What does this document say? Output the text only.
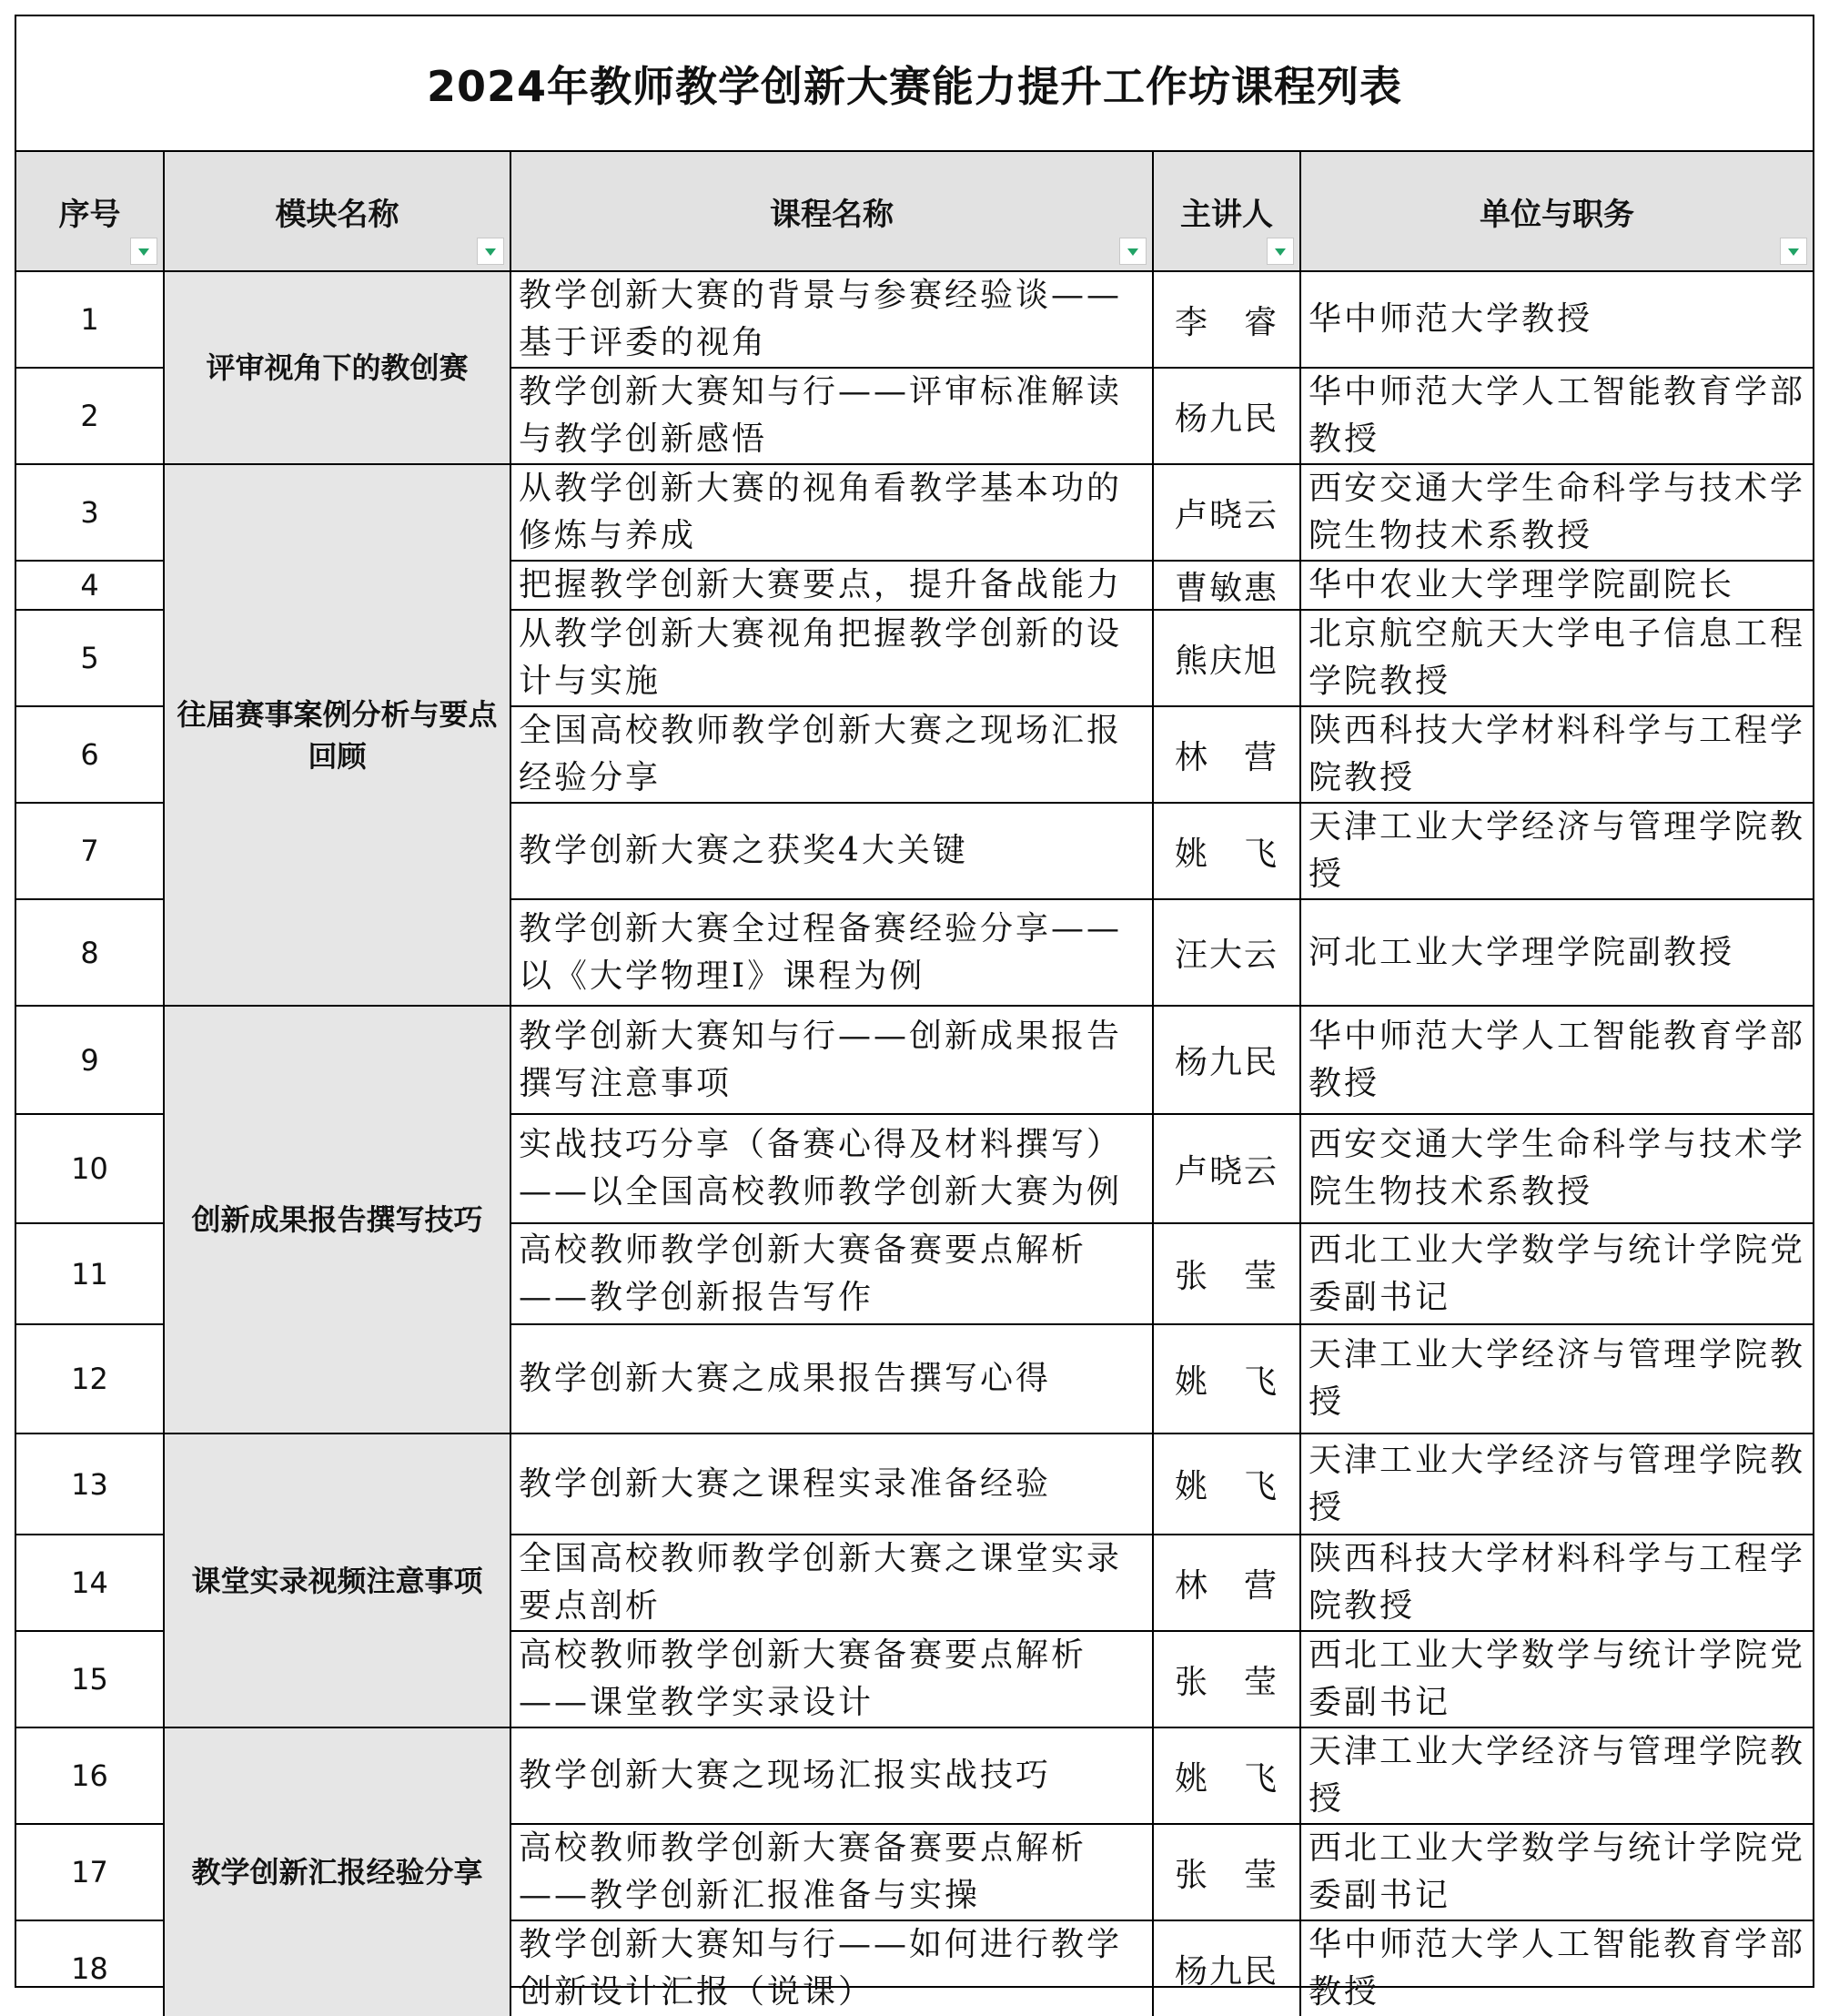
2024年教师教学创新大赛能力提升工作坊课程列表
序号	模块名称	课程名称	主讲人	单位与职务

1	评审视角下的教创赛	教学创新大赛的背景与参赛经验谈——基于评委的视角	李　睿	华中师范大学教授
2		教学创新大赛知与行——评审标准解读与教学创新感悟	杨九民	华中师范大学人工智能教育学部教授
3	往届赛事案例分析与要点回顾	从教学创新大赛的视角看教学基本功的修炼与养成	卢晓云	西安交通大学生命科学与技术学院生物技术系教授
4		把握教学创新大赛要点，提升备战能力	曹敏惠	华中农业大学理学院副院长
5		从教学创新大赛视角把握教学创新的设计与实施	熊庆旭	北京航空航天大学电子信息工程学院教授
6		全国高校教师教学创新大赛之现场汇报经验分享	林　营	陕西科技大学材料科学与工程学院教授
7		教学创新大赛之获奖4大关键	姚　飞	天津工业大学经济与管理学院教授
8		教学创新大赛全过程备赛经验分享——以《大学物理I》课程为例	汪大云	河北工业大学理学院副教授
9	创新成果报告撰写技巧	教学创新大赛知与行——创新成果报告撰写注意事项	杨九民	华中师范大学人工智能教育学部教授
10		实战技巧分享（备赛心得及材料撰写）——以全国高校教师教学创新大赛为例	卢晓云	西安交通大学生命科学与技术学院生物技术系教授
11		高校教师教学创新大赛备赛要点解析——教学创新报告写作	张　莹	西北工业大学数学与统计学院党委副书记
12		教学创新大赛之成果报告撰写心得	姚　飞	天津工业大学经济与管理学院教授
13	课堂实录视频注意事项	教学创新大赛之课程实录准备经验	姚　飞	天津工业大学经济与管理学院教授
14		全国高校教师教学创新大赛之课堂实录要点剖析	林　营	陕西科技大学材料科学与工程学院教授
15		高校教师教学创新大赛备赛要点解析——课堂教学实录设计	张　莹	西北工业大学数学与统计学院党委副书记
16	教学创新汇报经验分享	教学创新大赛之现场汇报实战技巧	姚　飞	天津工业大学经济与管理学院教授
17		高校教师教学创新大赛备赛要点解析——教学创新汇报准备与实操	张　莹	西北工业大学数学与统计学院党委副书记
18		教学创新大赛知与行——如何进行教学创新设计汇报（说课）	杨九民	华中师范大学人工智能教育学部教授
